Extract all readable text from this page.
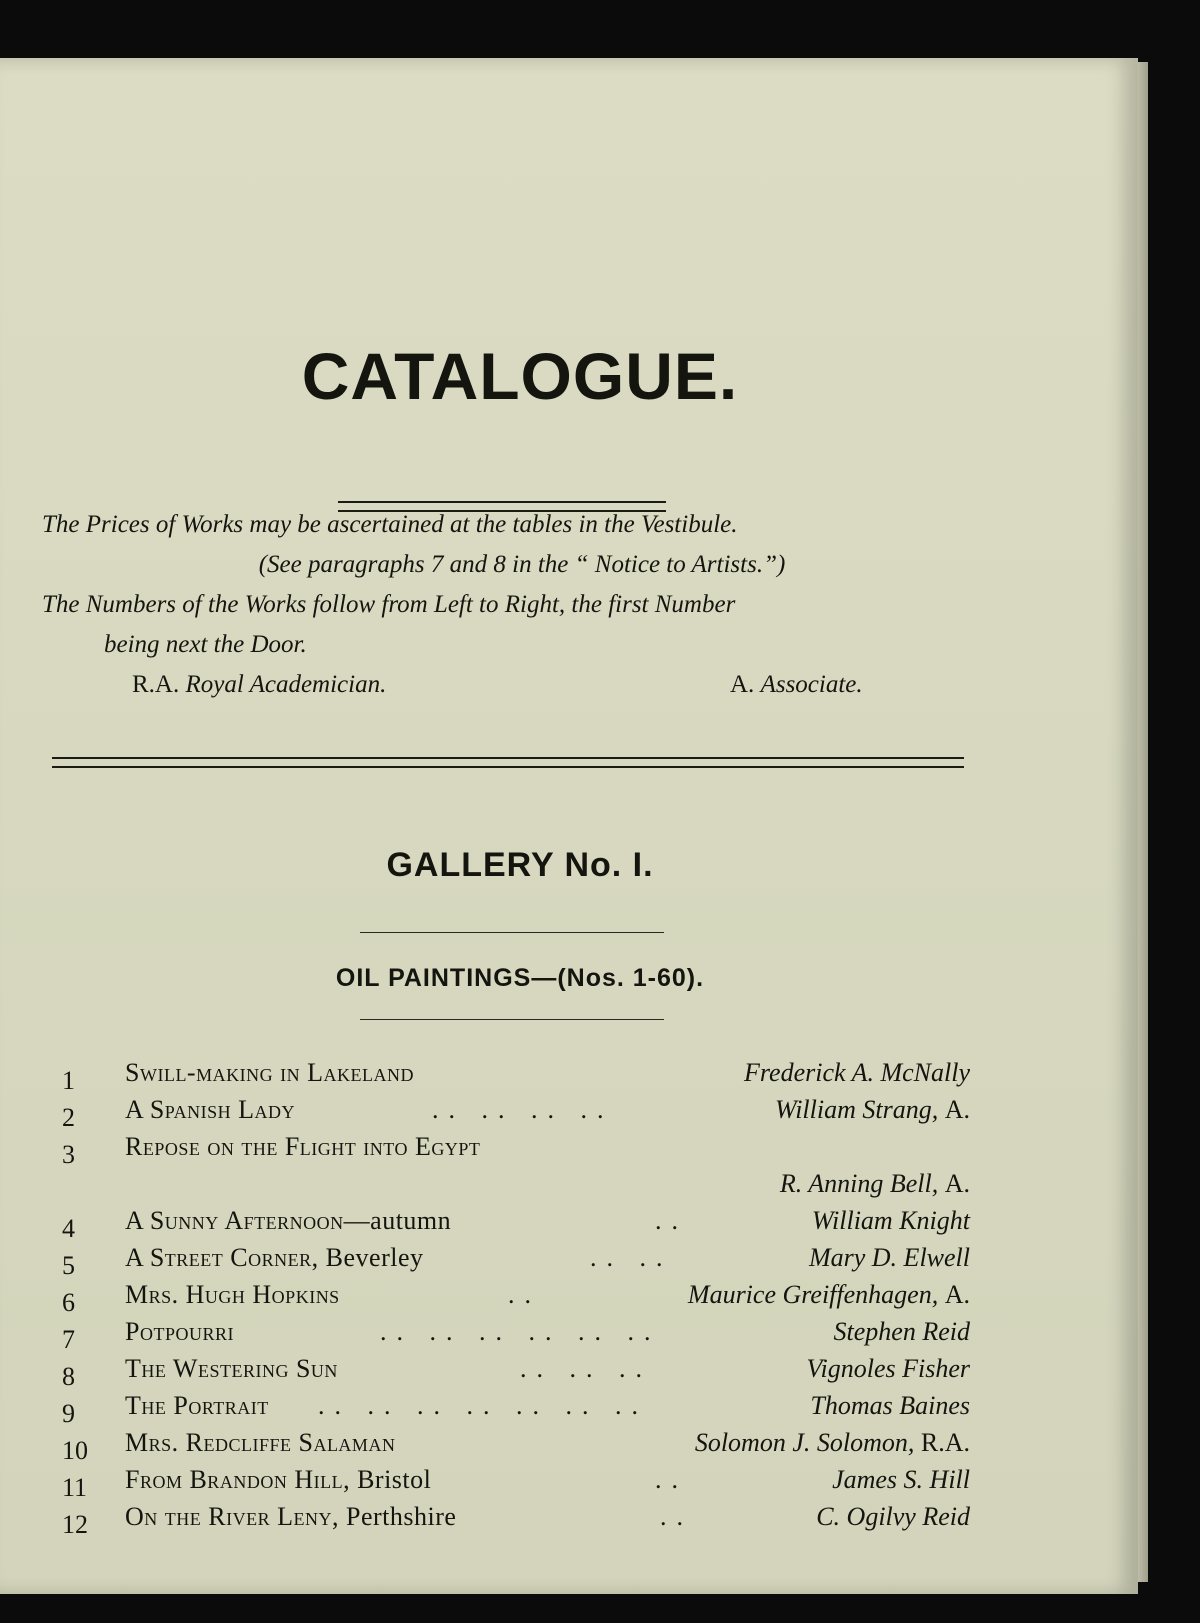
CATALOGUE.

The Prices of Works may be ascertained at the tables in the Vestibule.

(See paragraphs 7 and 8 in the “ Notice to Artists.”)

The Numbers of the Works follow from Left to Right, the first Number

being next the Door.

R.A. Royal Academician.	A. Associate.
GALLERY No. I.
OIL PAINTINGS—(Nos. 1-60).
1	Swill-making in Lakeland	Frederick A. McNally
2	A Spanish Lady	.. .. .. ..	William Strang, A.
3	Repose on the Flight into Egypt
R. Anning Bell, A.
4	A Sunny Afternoon—autumn	..	William Knight
5	A Street Corner, Beverley	.. ..	Mary D. Elwell
6	Mrs. Hugh Hopkins	..	Maurice Greiffenhagen, A.
7	Potpourri	.. .. .. .. .. ..	Stephen Reid
8	The Westering Sun	.. .. ..	Vignoles Fisher
9	The Portrait .. .. .. .. .. .. ..	Thomas Baines
10	Mrs. Redcliffe Salaman	Solomon J. Solomon, R.A.
11	From Brandon Hill, Bristol	..	James S. Hill
12	On the River Leny, Perthshire	..	C. Ogilvy Reid
